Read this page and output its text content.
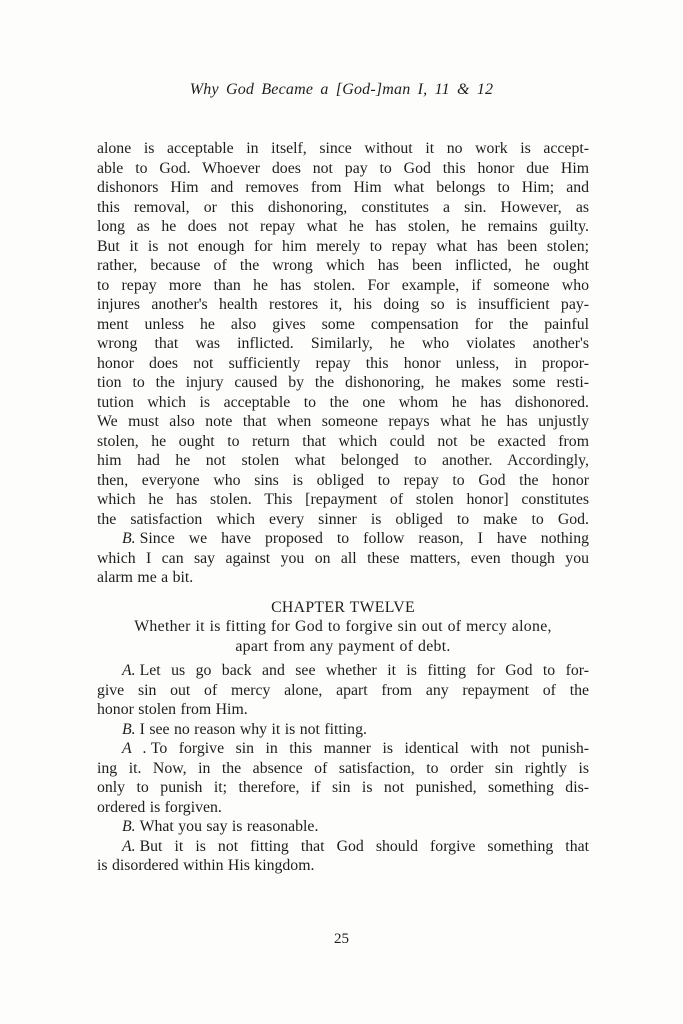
Why God Became a [God-]man I, 11 & 12
alone is acceptable in itself, since without it no work is accept-
able to God. Whoever does not pay to God this honor due Him
dishonors Him and removes from Him what belongs to Him; and
this removal, or this dishonoring, constitutes a sin. However, as
long as he does not repay what he has stolen, he remains guilty.
But it is not enough for him merely to repay what has been stolen;
rather, because of the wrong which has been inflicted, he ought
to repay more than he has stolen. For example, if someone who
injures another's health restores it, his doing so is insufficient pay-
ment unless he also gives some compensation for the painful
wrong that was inflicted. Similarly, he who violates another's
honor does not sufficiently repay this honor unless, in propor-
tion to the injury caused by the dishonoring, he makes some resti-
tution which is acceptable to the one whom he has dishonored.
We must also note that when someone repays what he has unjustly
stolen, he ought to return that which could not be exacted from
him had he not stolen what belonged to another. Accordingly,
then, everyone who sins is obliged to repay to God the honor
which he has stolen. This [repayment of stolen honor] constitutes
the satisfaction which every sinner is obliged to make to God.
B. Since we have proposed to follow reason, I have nothing
which I can say against you on all these matters, even though you
alarm me a bit.
CHAPTER TWELVE
Whether it is fitting for God to forgive sin out of mercy alone,
apart from any payment of debt.
A. Let us go back and see whether it is fitting for God to for-
give sin out of mercy alone, apart from any repayment of the
honor stolen from Him.
B. I see no reason why it is not fitting.
A . To forgive sin in this manner is identical with not punish-
ing it. Now, in the absence of satisfaction, to order sin rightly is
only to punish it; therefore, if sin is not punished, something dis-
ordered is forgiven.
B. What you say is reasonable.
A. But it is not fitting that God should forgive something that
is disordered within His kingdom.
25
